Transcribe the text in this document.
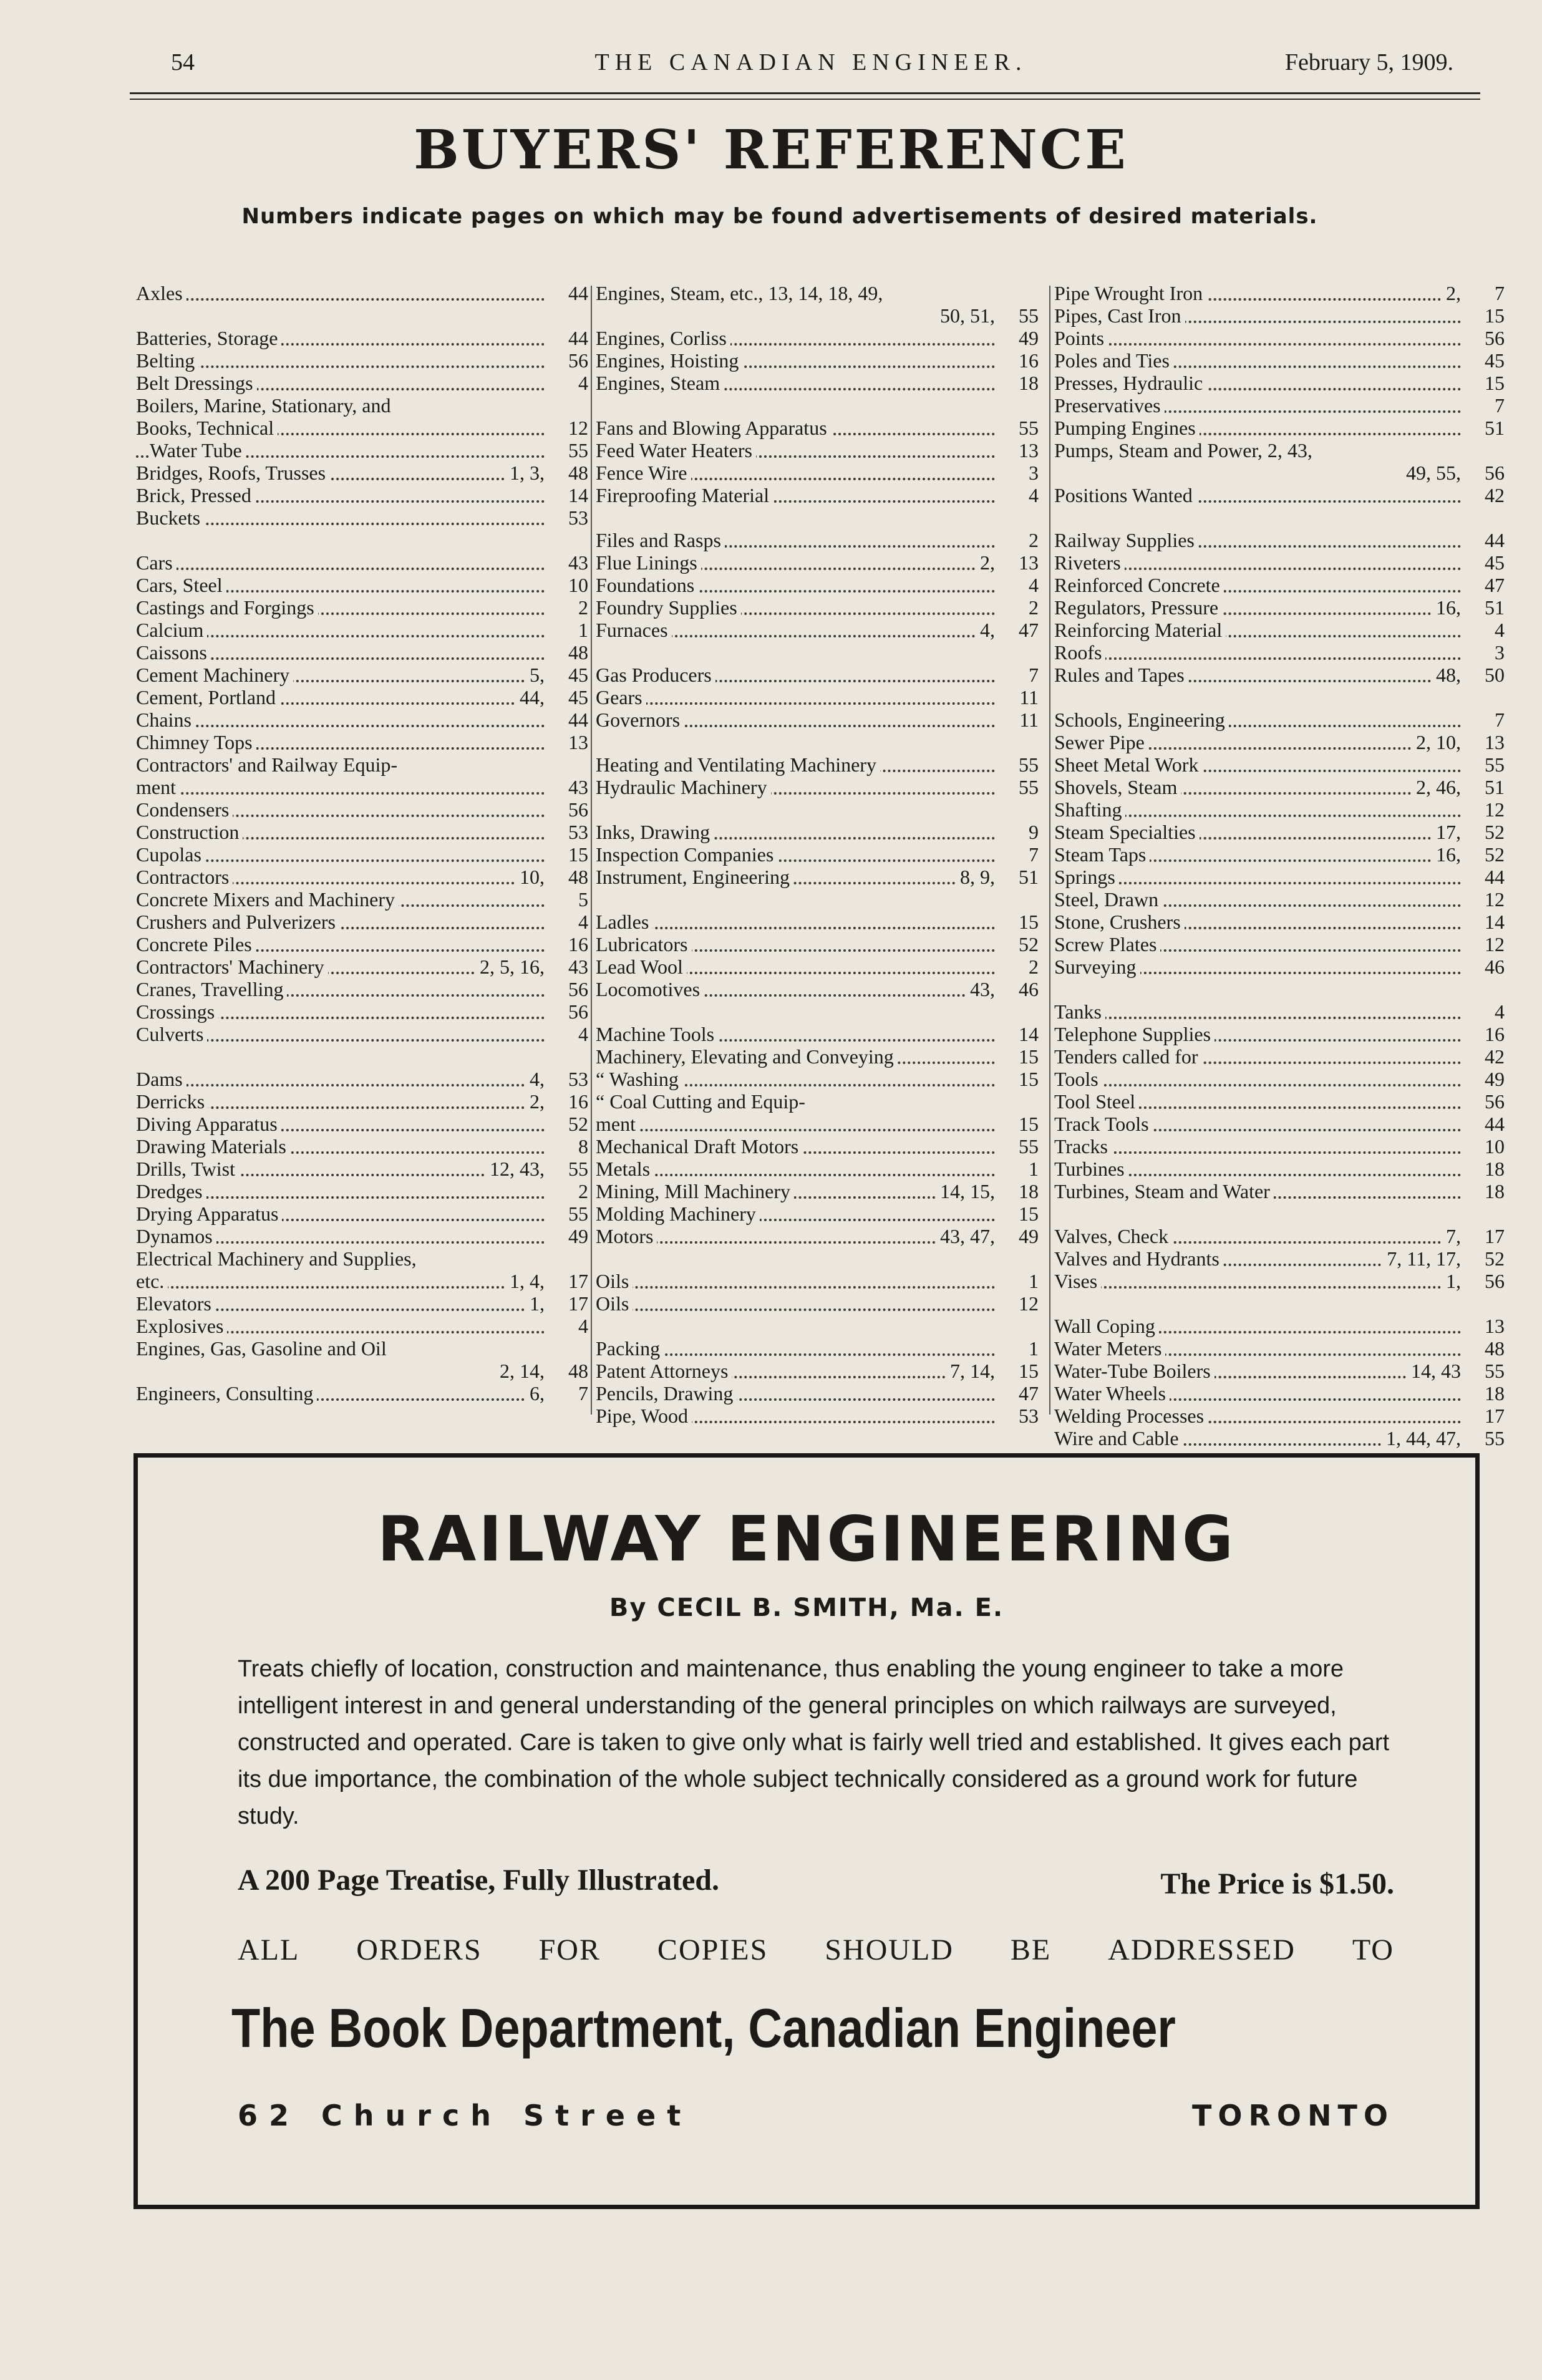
54	THE CANADIAN ENGINEER.	February 5, 1909.
BUYERS' REFERENCE
Numbers indicate pages on which may be found advertisements of desired materials.
Axles	44
Batteries, Storage	44
Belting	56
Belt Dressings	4
Boilers, Marine, Stationary, and
Books, Technical	12
Water Tube	55
Bridges, Roofs, Trusses	1, 3,	48
Brick, Pressed	14
Buckets	53
Cars	43
Cars, Steel	10
Castings and Forgings	2
Calcium	1
Caissons	48
Cement Machinery	5,	45
Cement, Portland	44,	45
Chains	44
Chimney Tops	13
Contractors' and Railway Equip-
ment	43
Condensers	56
Construction	53
Cupolas	15
Contractors	10,	48
Concrete Mixers and Machinery	5
Crushers and Pulverizers	4
Concrete Piles	16
Contractors' Machinery	2, 5, 16,	43
Cranes, Travelling	56
Crossings	56
Culverts	4
Dams	4,	53
Derricks	2,	16
Diving Apparatus	52
Drawing Materials	8
Drills, Twist	12, 43,	55
Dredges	2
Drying Apparatus	55
Dynamos	49
Electrical Machinery and Supplies,
etc.	1, 4,	17
Elevators	1,	17
Explosives	4
Engines, Gas, Gasoline and Oil
2, 14,	48
Engineers, Consulting	6,	7
Engines, Steam, etc., 13, 14, 18, 49,
50, 51,	55
Engines, Corliss	49
Engines, Hoisting	16
Engines, Steam	18
Fans and Blowing Apparatus	55
Feed Water Heaters	13
Fence Wire	3
Fireproofing Material	4
Files and Rasps	2
Flue Linings	2,	13
Foundations	4
Foundry Supplies	2
Furnaces	4,	47
Gas Producers	7
Gears	11
Governors	11
Heating and Ventilating Machinery	55
Hydraulic Machinery	55
Inks, Drawing	9
Inspection Companies	7
Instrument, Engineering	8, 9,	51
Ladles	15
Lubricators	52
Lead Wool	2
Locomotives	43,	46
Machine Tools	14
Machinery, Elevating and Conveying	15
“ Washing	15
“ Coal Cutting and Equip-
ment	15
Mechanical Draft Motors	55
Metals	1
Mining, Mill Machinery	14, 15,	18
Molding Machinery	15
Motors	43, 47,	49
Oils	1
Oils	12
Packing	1
Patent Attorneys	7, 14,	15
Pencils, Drawing	47
Pipe, Wood	53
Pipe Wrought Iron	2,	7
Pipes, Cast Iron	15
Points	56
Poles and Ties	45
Presses, Hydraulic	15
Preservatives	7
Pumping Engines	51
Pumps, Steam and Power, 2, 43,
49, 55,	56
Positions Wanted	42
Railway Supplies	44
Riveters	45
Reinforced Concrete	47
Regulators, Pressure	16,	51
Reinforcing Material	4
Roofs	3
Rules and Tapes	48,	50
Schools, Engineering	7
Sewer Pipe	2, 10,	13
Sheet Metal Work	55
Shovels, Steam	2, 46,	51
Shafting	12
Steam Specialties	17,	52
Steam Taps	16,	52
Springs	44
Steel, Drawn	12
Stone, Crushers	14
Screw Plates	12
Surveying	46
Tanks	4
Telephone Supplies	16
Tenders called for	42
Tools	49
Tool Steel	56
Track Tools	44
Tracks	10
Turbines	18
Turbines, Steam and Water	18
Valves, Check	7,	17
Valves and Hydrants	7, 11, 17,	52
Vises	1,	56
Wall Coping	13
Water Meters	48
Water-Tube Boilers	14, 43	55
Water Wheels	18
Welding Processes	17
Wire and Cable	1, 44, 47,	55
RAILWAY ENGINEERING
By CECIL B. SMITH, Ma. E.
Treats chiefly of location, construction and maintenance, thus enabling the young engineer to take a more intelligent interest in and general understanding of the general principles on which railways are surveyed, constructed and operated. Care is taken to give only what is fairly well tried and established. It gives each part its due importance, the combination of the whole subject technically considered as a ground work for future study.
A 200 Page Treatise, Fully Illustrated.	The Price is $1.50.
ALL ORDERS FOR COPIES SHOULD BE ADDRESSED TO
The Book Department, Canadian Engineer
62 Church Street	TORONTO
